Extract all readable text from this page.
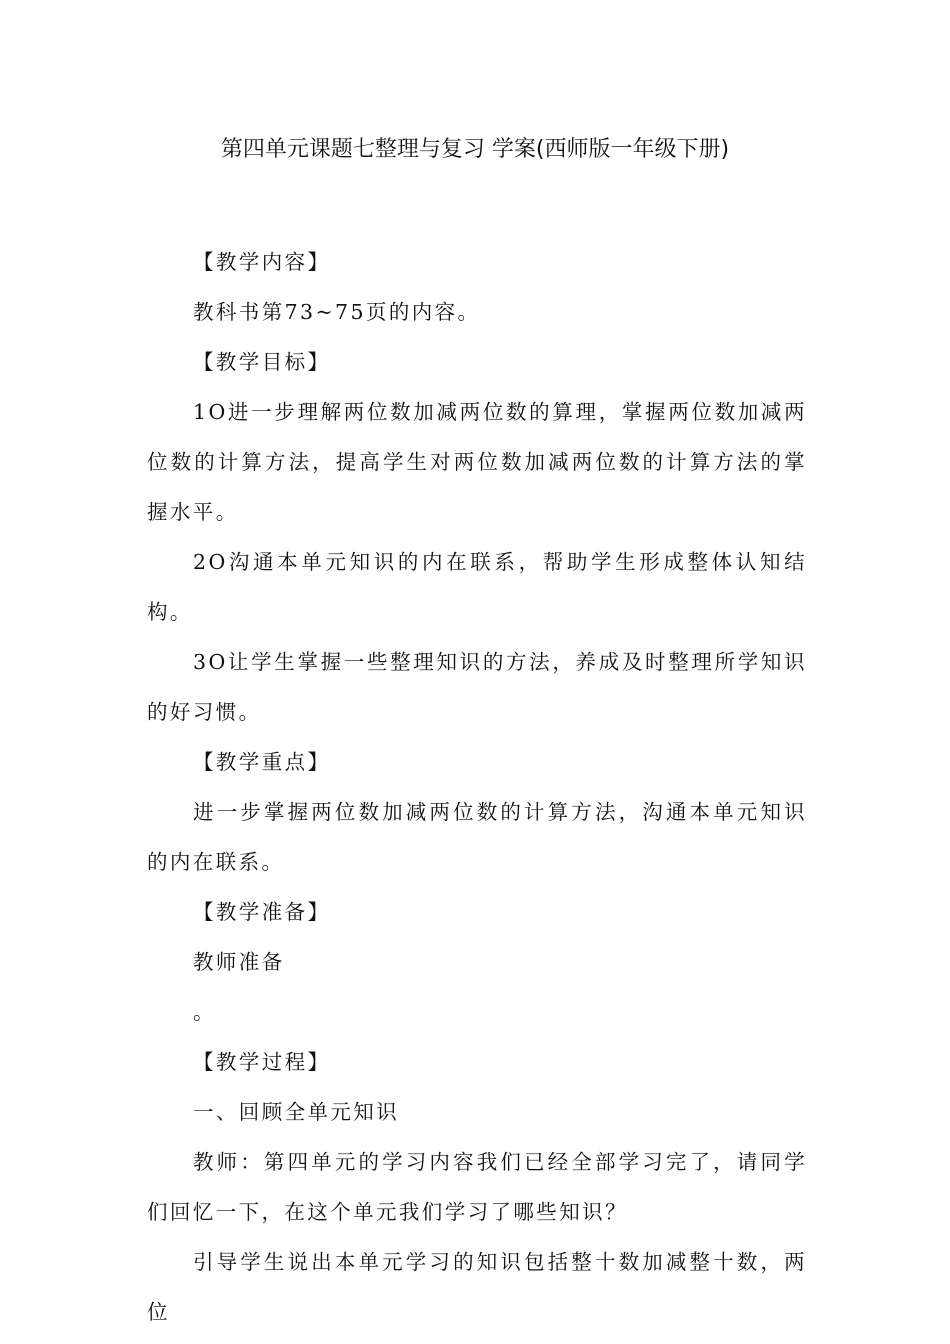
第四单元课题七整理与复习 学案(西师版一年级下册)

【教学内容】

教科书第73~75页的内容。

【教学目标】

1O进一步理解两位数加减两位数的算理，掌握两位数加减两位数的计算方法，提高学生对两位数加减两位数的计算方法的掌握水平。

2O沟通本单元知识的内在联系，帮助学生形成整体认知结构。

3O让学生掌握一些整理知识的方法，养成及时整理所学知识的好习惯。

【教学重点】

进一步掌握两位数加减两位数的计算方法，沟通本单元知识的内在联系。

【教学准备】

教师准备

。

【教学过程】

一、回顾全单元知识

教师：第四单元的学习内容我们已经全部学习完了，请同学们回忆一下，在这个单元我们学习了哪些知识？

引导学生说出本单元学习的知识包括整十数加减整十数，两位
